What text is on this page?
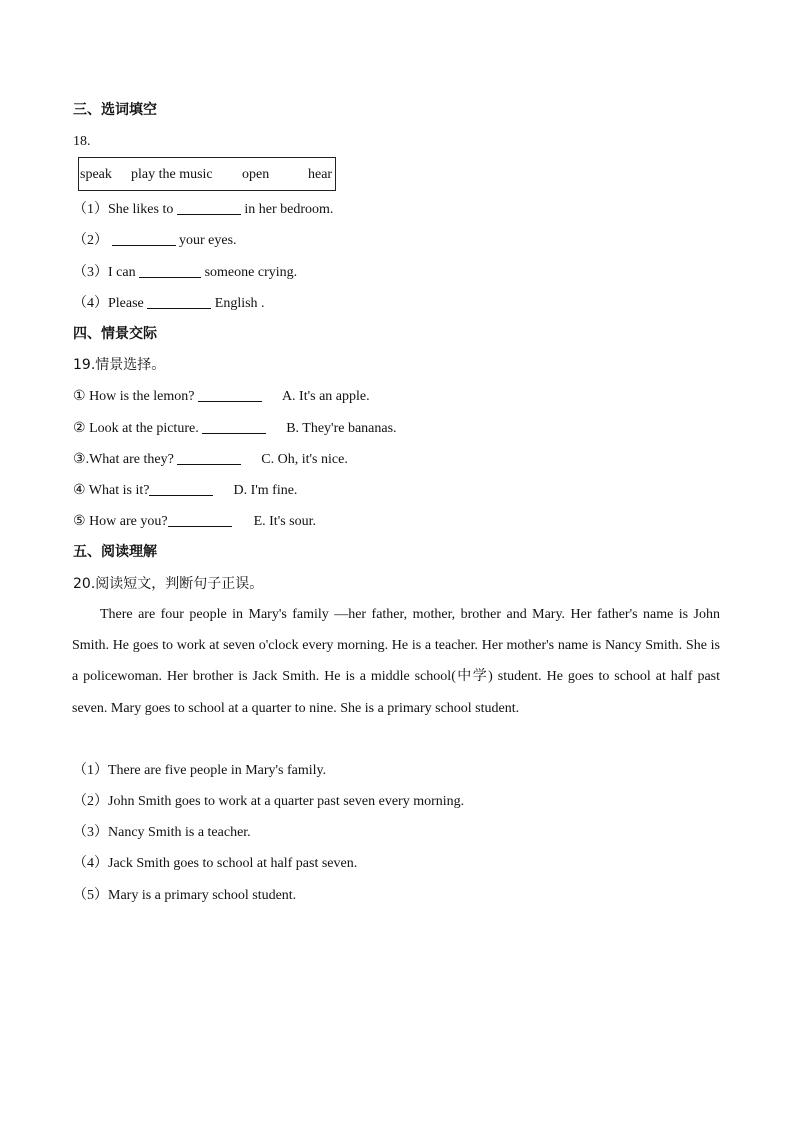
三、选词填空
18.
speak play the music open	hear
（1）She likes to	in her bedroom.
（2）	your eyes.
（3）I can	someone crying.
（4）Please	English .
四、情景交际
19.情景选择。
① How is the lemon?	A. It's an apple.
② Look at the picture.	B. They're bananas.
③.What are they?	C. Oh, it's nice.
④ What is it?	D. I'm fine.
⑤ How are you?	E. It's sour.
五、阅读理解
20.阅读短文，判断句子正误。
There are four people in Mary's family —her father, mother, brother and Mary. Her father's name is John Smith. He goes to work at seven o'clock every morning. He is a teacher. Her mother's name is Nancy Smith. She is a policewoman. Her brother is Jack Smith. He is a middle school(中学) student. He goes to school at half past seven. Mary goes to school at a quarter to nine. She is a primary school student.
（1）There are five people in Mary's family.
（2）John Smith goes to work at a quarter past seven every morning.
（3）Nancy Smith is a teacher.
（4）Jack Smith goes to school at half past seven.
（5）Mary is a primary school student.
